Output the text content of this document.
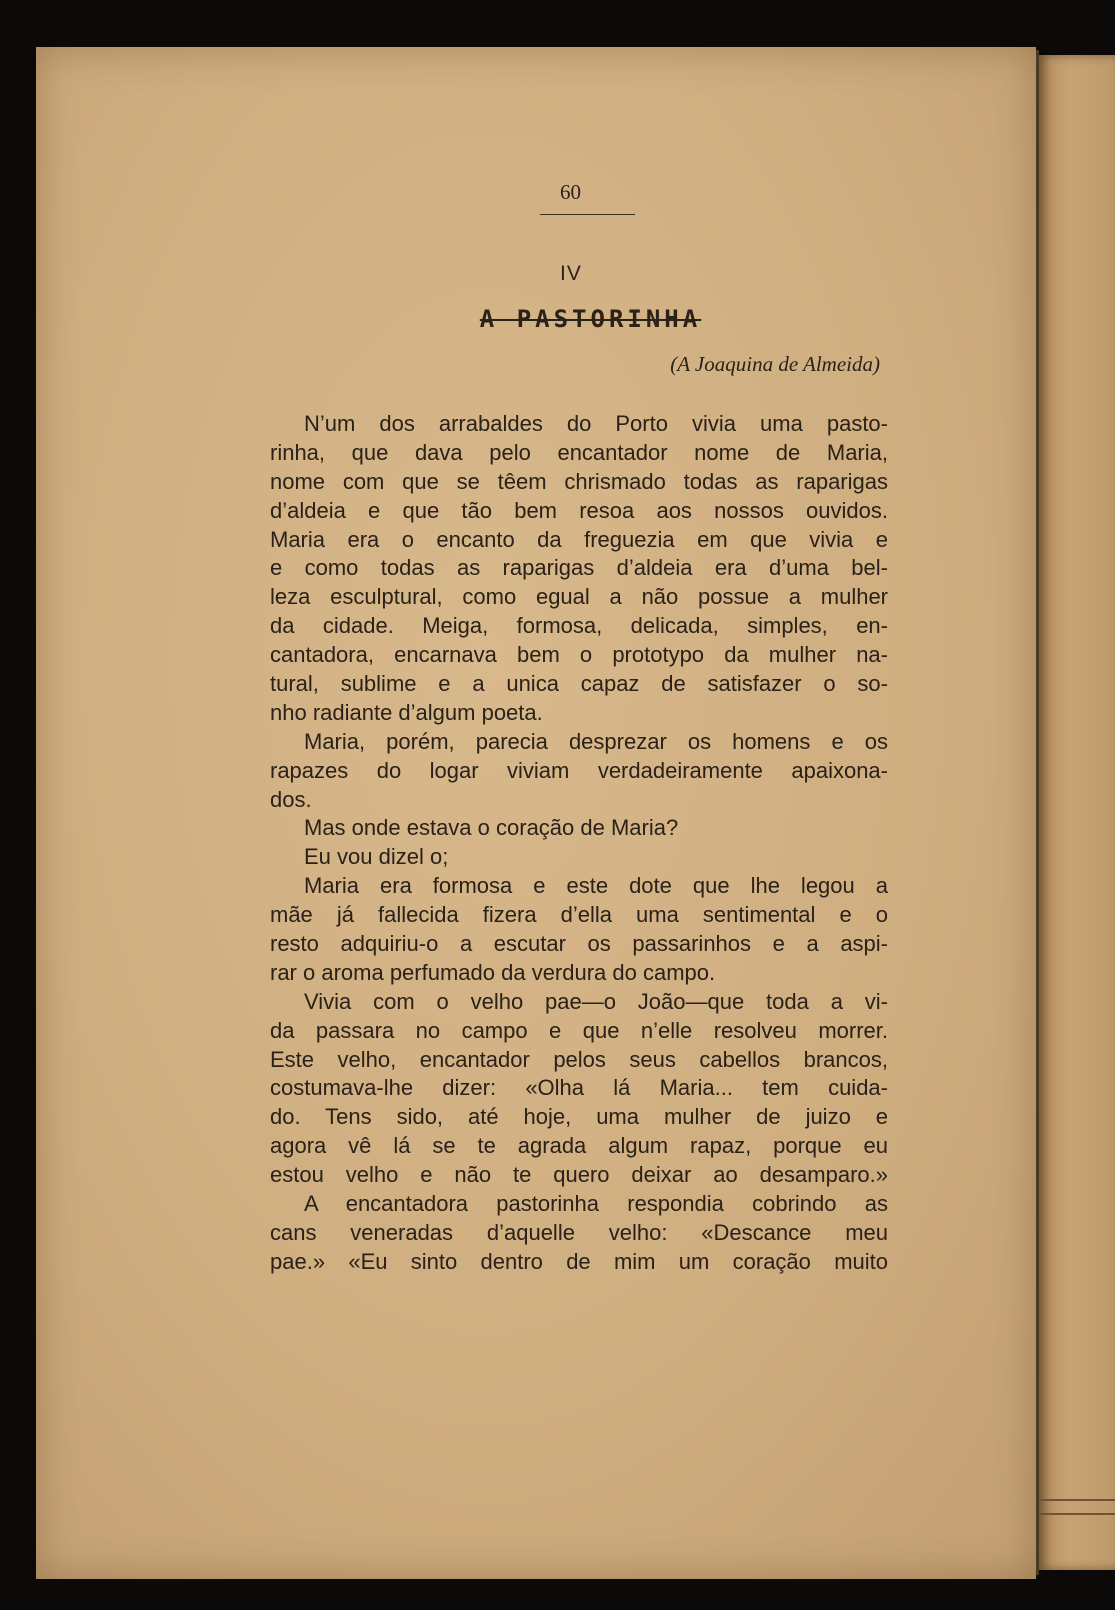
60
IV
A PASTORINHA
(A Joaquina de Almeida)
N’um dos arrabaldes do Porto vivia uma pasto-
rinha, que dava pelo encantador nome de Maria,
nome com que se têem chrismado todas as raparigas
d’aldeia e que tão bem resoa aos nossos ouvidos.
Maria era o encanto da freguezia em que vivia e
e como todas as raparigas d’aldeia era d’uma bel-
leza esculptural, como egual a não possue a mulher
da cidade. Meiga, formosa, delicada, simples, en-
cantadora, encarnava bem o prototypo da mulher na-
tural, sublime e a unica capaz de satisfazer o so-
nho radiante d’algum poeta.
Maria, porém, parecia desprezar os homens e os
rapazes do logar viviam verdadeiramente apaixona-
dos.
Mas onde estava o coração de Maria?
Eu vou dizel o;
Maria era formosa e este dote que lhe legou a
mãe já fallecida fizera d’ella uma sentimental e o
resto adquiriu-o a escutar os passarinhos e a aspi-
rar o aroma perfumado da verdura do campo.
Vivia com o velho pae—o João—que toda a vi-
da passara no campo e que n’elle resolveu morrer.
Este velho, encantador pelos seus cabellos brancos,
costumava-lhe dizer: «Olha lá Maria... tem cuida-
do. Tens sido, até hoje, uma mulher de juizo e
agora vê lá se te agrada algum rapaz, porque eu
estou velho e não te quero deixar ao desamparo.»
A encantadora pastorinha respondia cobrindo as
cans veneradas d’aquelle velho: «Descance meu
pae.» «Eu sinto dentro de mim um coração muito
